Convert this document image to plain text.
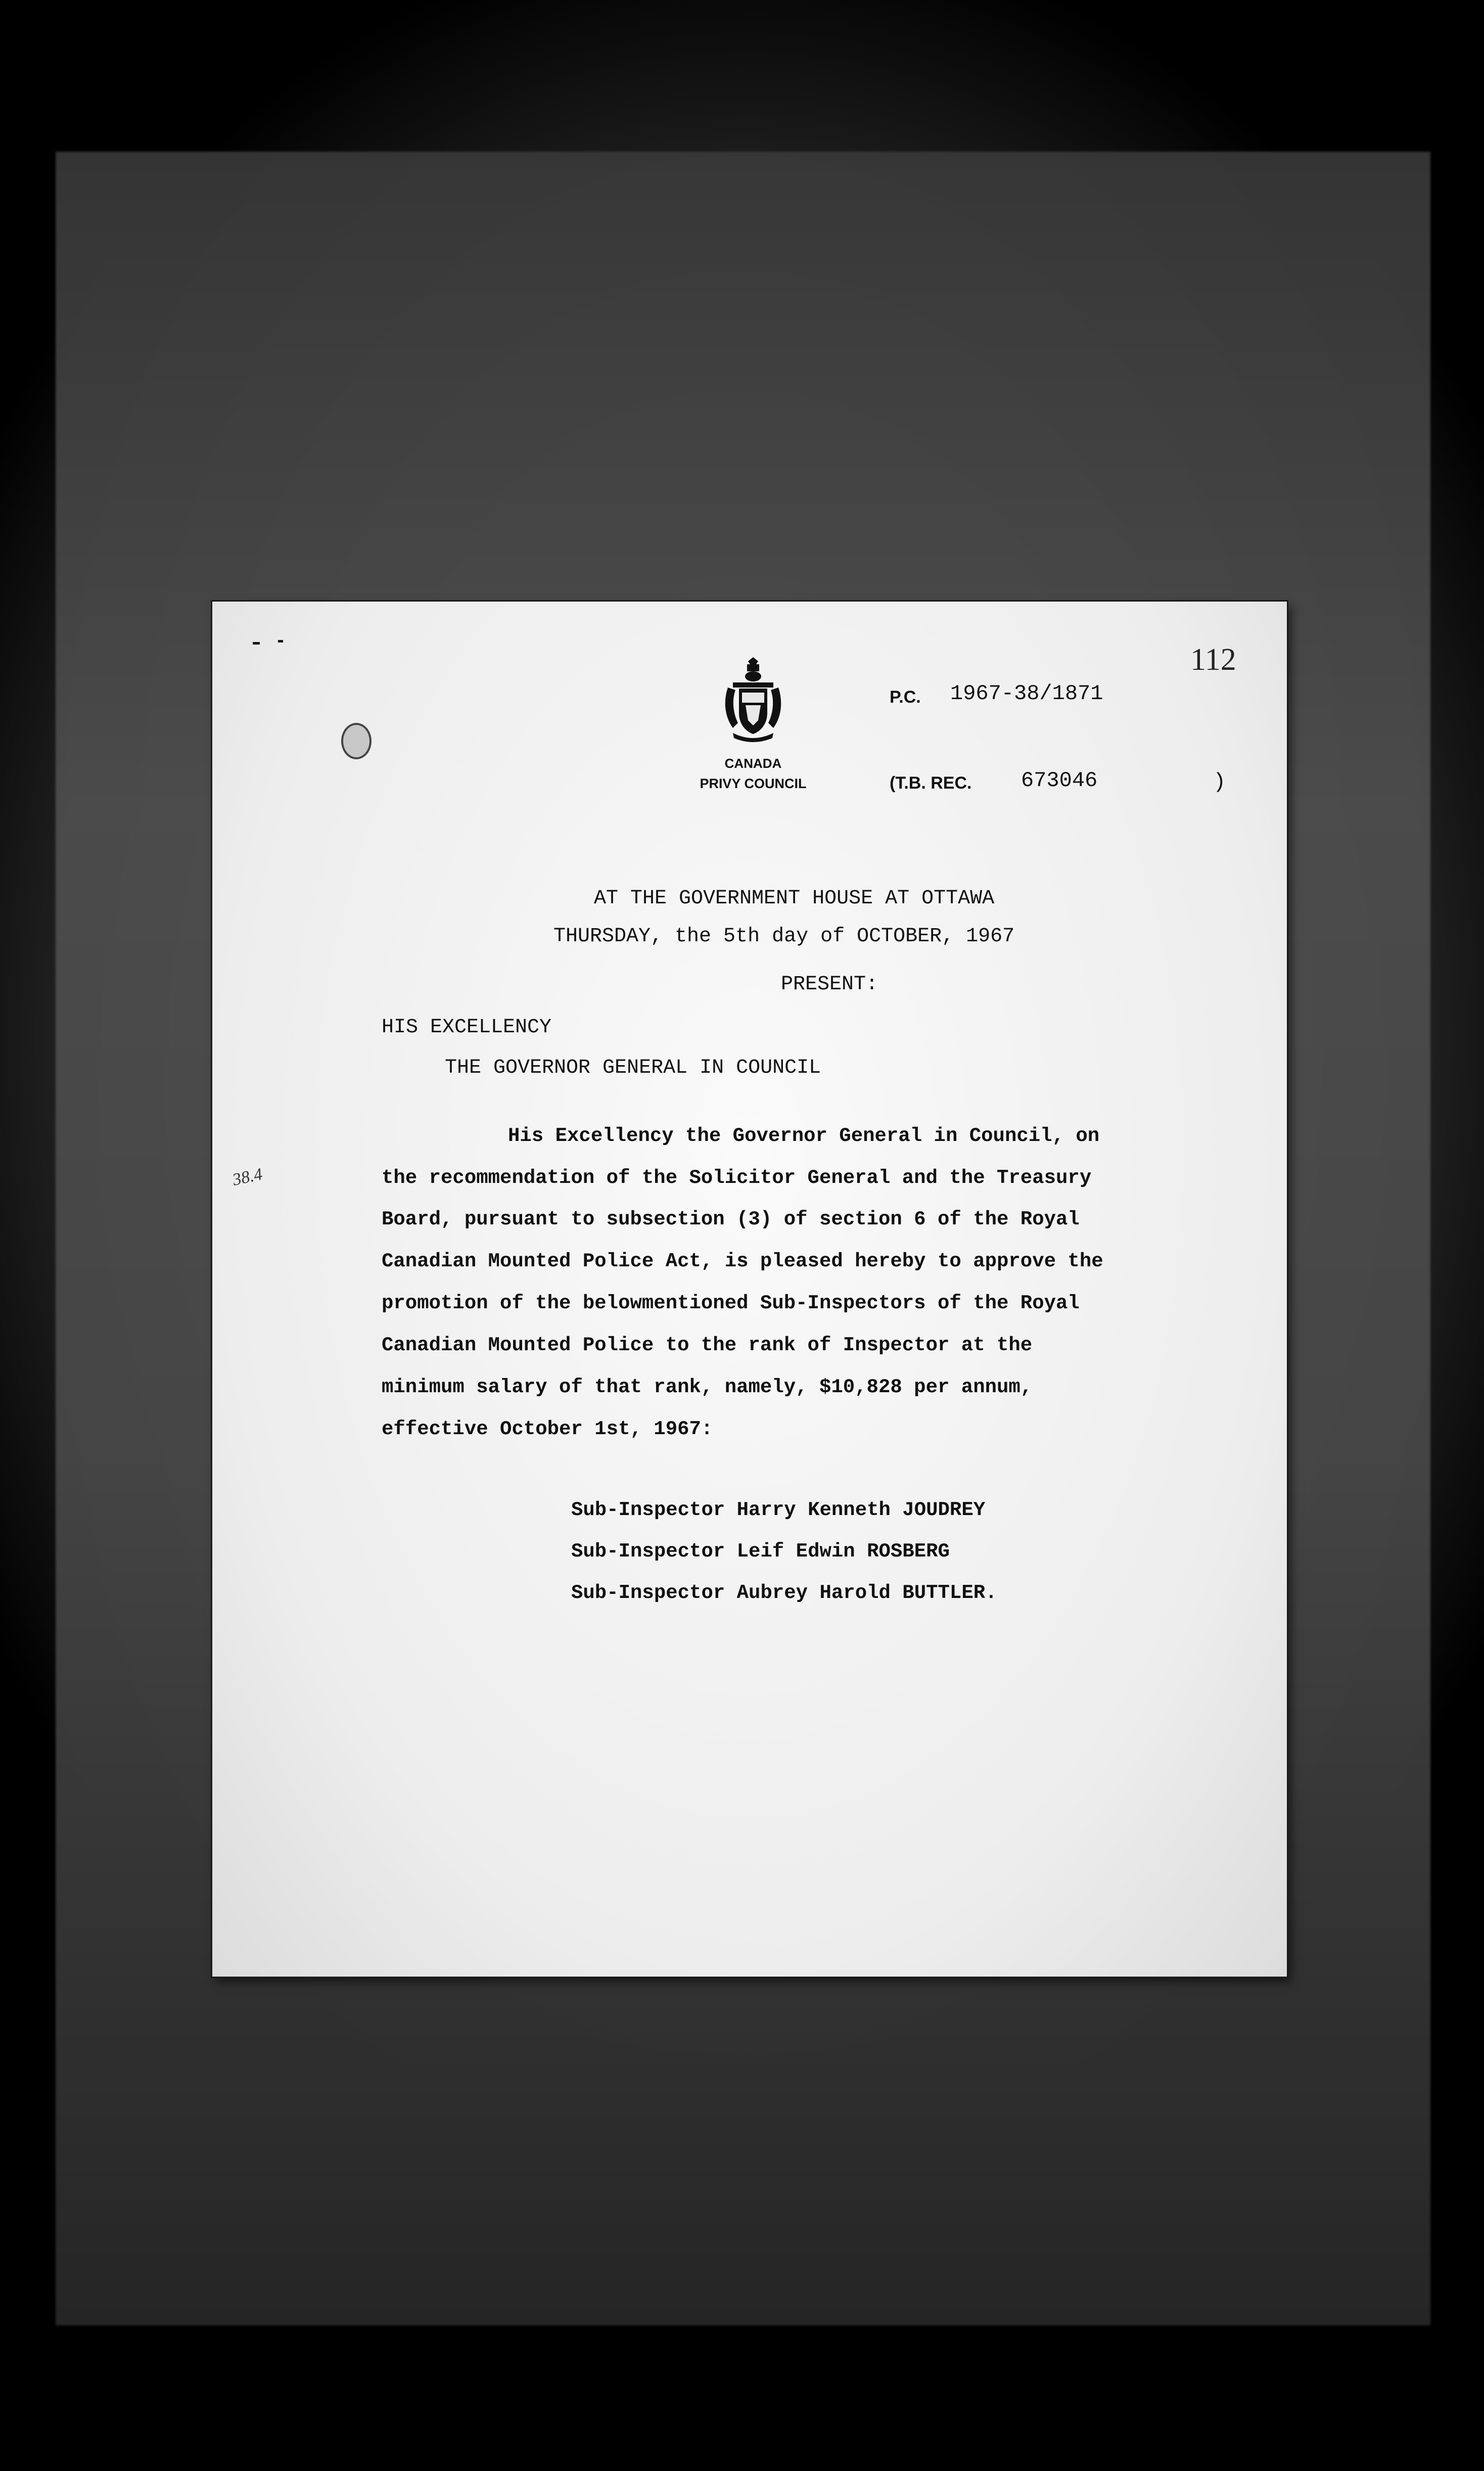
112
CANADA
PRIVY COUNCIL
P.C. 1967-38/1871
(T.B. REC. 673046	)
AT THE GOVERNMENT HOUSE AT OTTAWA
THURSDAY, the 5th day of OCTOBER, 1967
PRESENT:
HIS EXCELLENCY
THE GOVERNOR GENERAL IN COUNCIL
38.4
His Excellency the Governor General in Council, on
the recommendation of the Solicitor General and the Treasury
Board, pursuant to subsection (3) of section 6 of the Royal
Canadian Mounted Police Act, is pleased hereby to approve the
promotion of the belowmentioned Sub-Inspectors of the Royal
Canadian Mounted Police to the rank of Inspector at the
minimum salary of that rank, namely, $10,828 per annum,
effective October 1st, 1967:
Sub-Inspector Harry Kenneth JOUDREY
Sub-Inspector Leif Edwin ROSBERG
Sub-Inspector Aubrey Harold BUTTLER.
